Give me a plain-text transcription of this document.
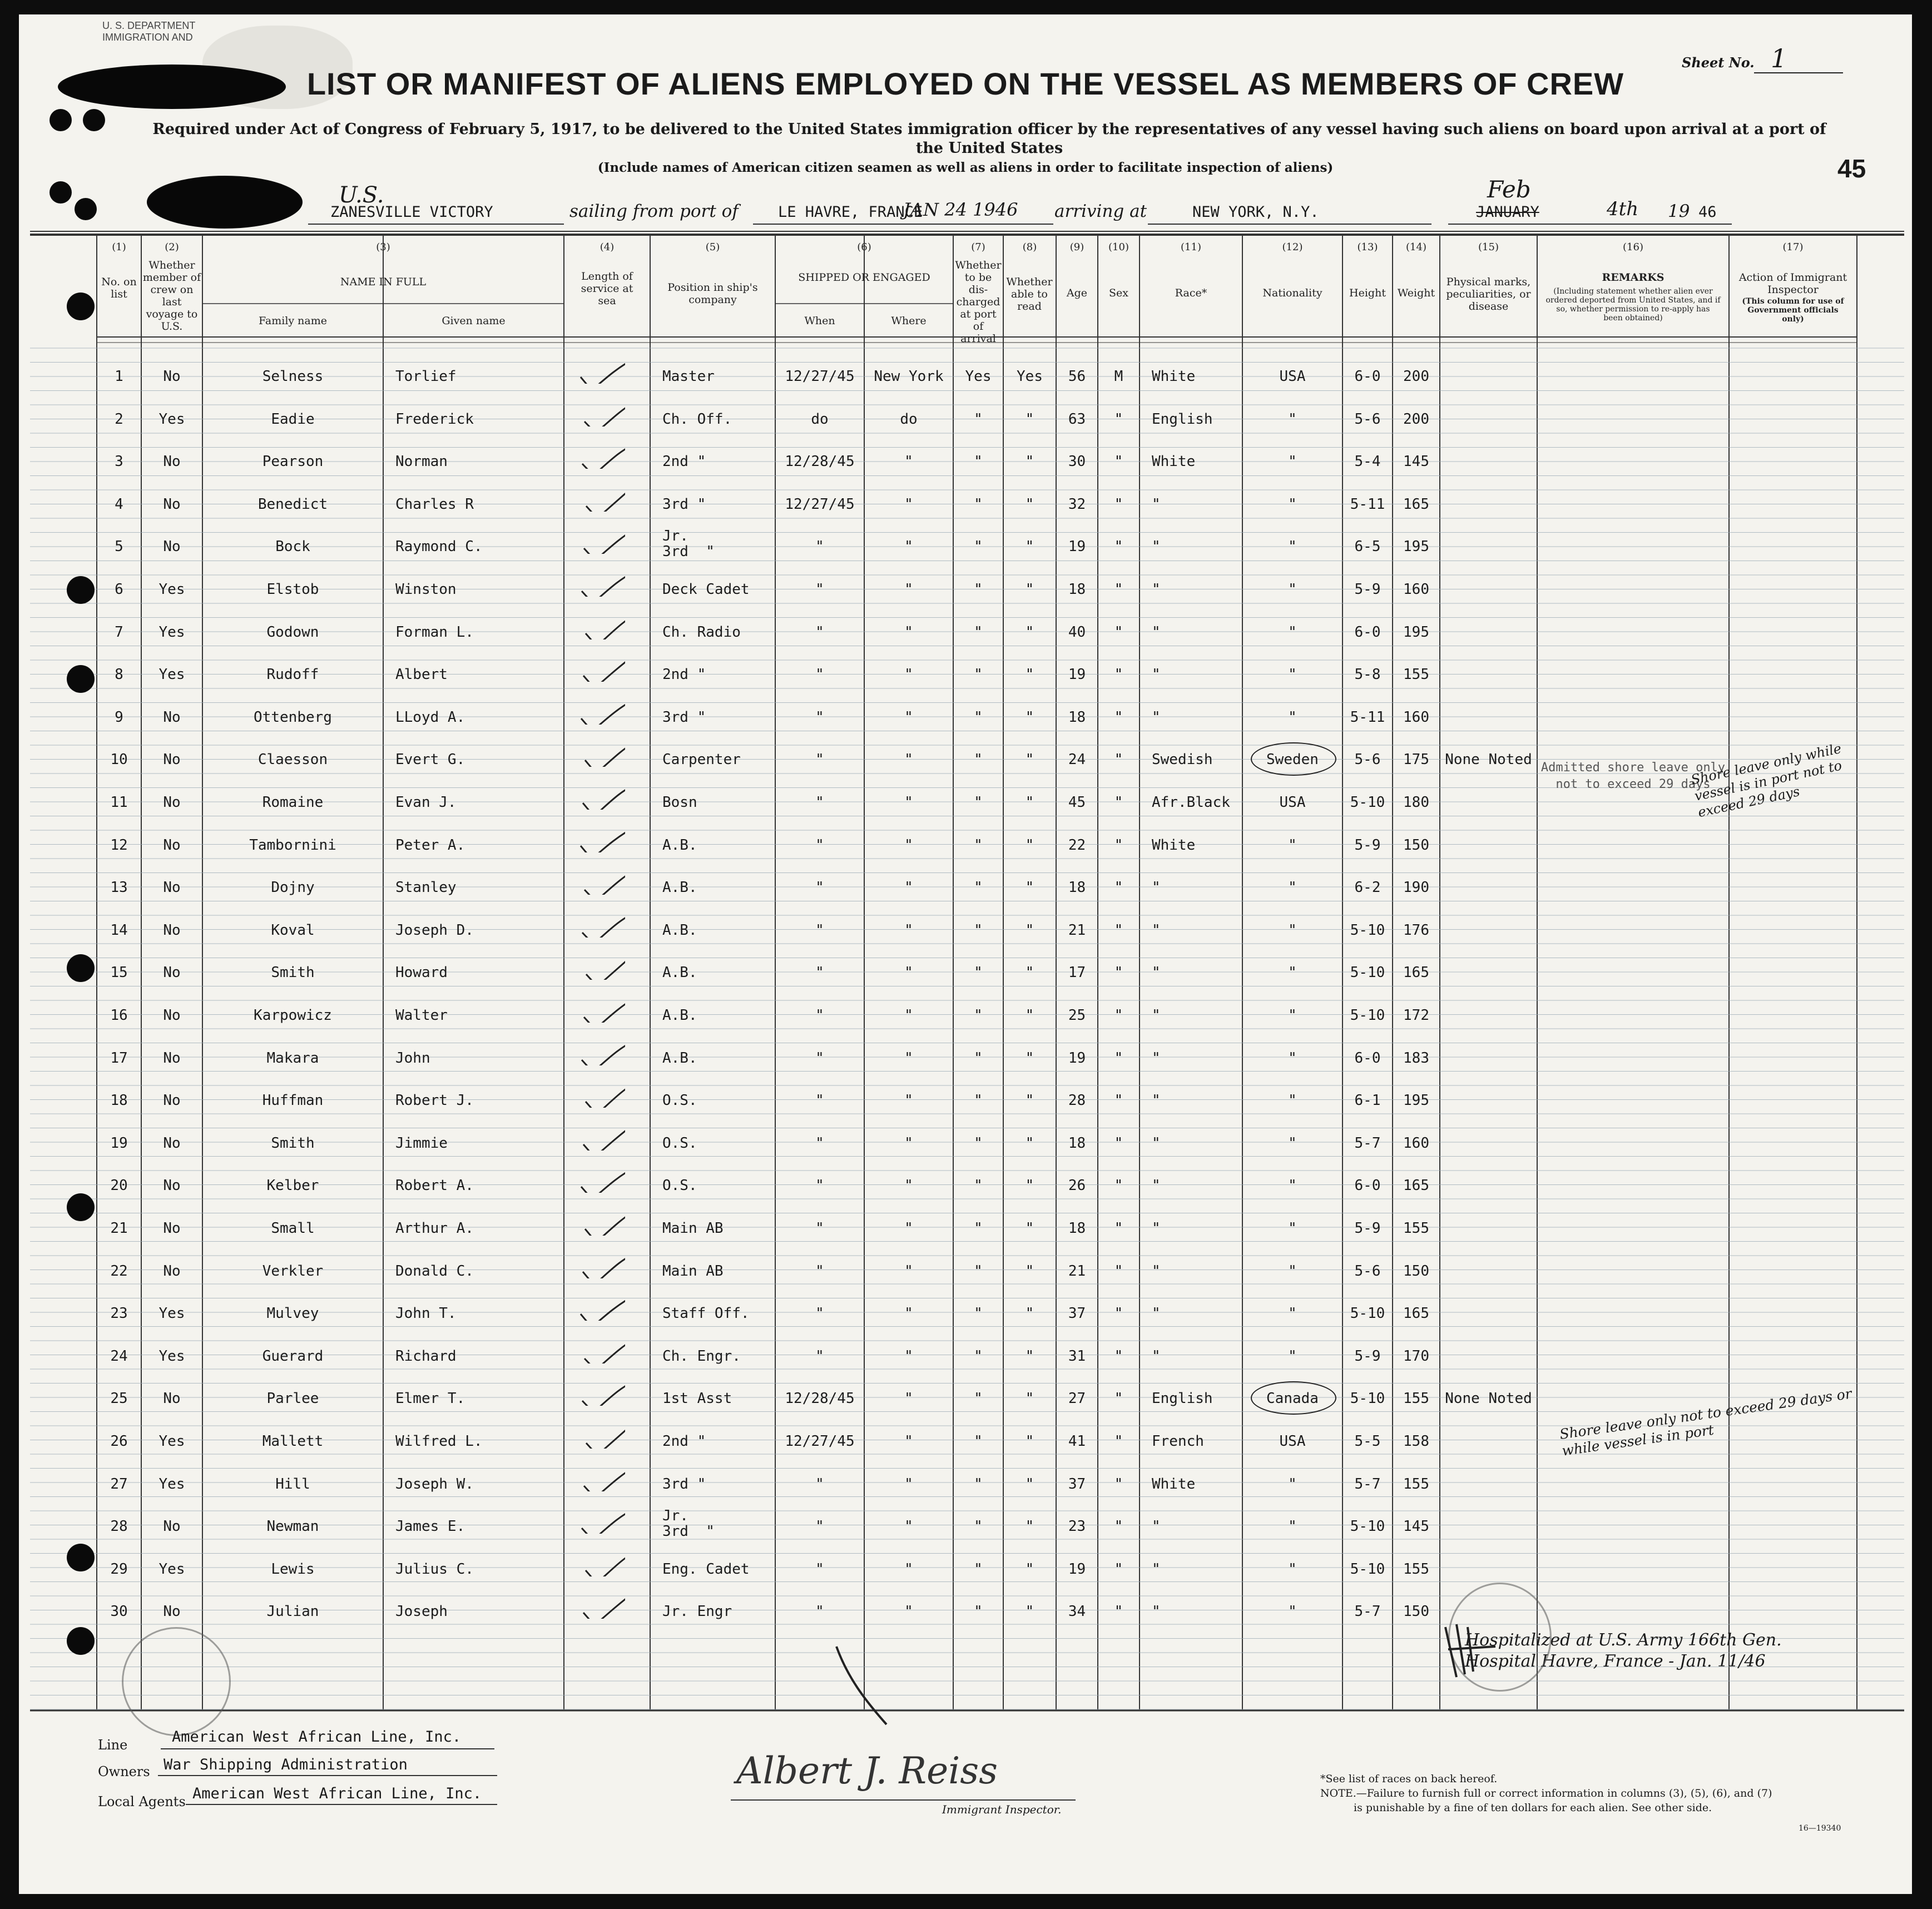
U. S. DEPARTMENT
IMMIGRATION AND
LIST OR MANIFEST OF ALIENS EMPLOYED ON THE VESSEL AS MEMBERS OF CREW
Required under Act of Congress of February 5, 1917, to be delivered to the United States immigration officer by the representatives of any vessel having such aliens on board upon arrival at a port of the United States
(Include names of American citizen seamen as well as aliens in order to facilitate inspection of aliens)
Sheet No. 1
45
U.S.
ZANESVILLE VICTORY	sailing from port of	LE HAVRE, FRANCE
JAN 24 1946 arriving at	NEW YORK, N.Y.	JANUARY
Feb
4th 19 46
(1)	(2)	(3)	(4)	(5)	(6)	(7)	(8)	(9)	(10)	(11)	(12)	(13)	(14)	(15)	(16)	(17)
No. on list
Whether member of crew on last voyage to U.S.
NAME IN FULL
Family name	Given name
Length of service at sea
Position in ship's company
SHIPPED OR ENGAGED
When	Where
Whether to be dis-charged at port of arrival
Whether able to read
Age	Sex	Race*	Nationality	Height	Weight
Physical marks, peculiarities, or disease
REMARKS
(Including statement whether alien ever ordered deported from United States, and if so, whether permission to re-apply has been obtained)
Action of Immigrant Inspector
(This column for use of Government officials only)
1	No	Selness	Torlief	Master	12/27/45	New York	Yes	Yes	56	M	White	USA	6-0	200
2	Yes	Eadie	Frederick	Ch. Off.	do	do	"	"	63	"	English	"	5-6	200
3	No	Pearson	Norman	2nd "	12/28/45	"	"	"	30	"	White	"	5-4	145
4	No	Benedict	Charles R	3rd "	12/27/45	"	"	"	32	"	"	"	5-11	165
5	No	Bock	Raymond C.
Jr.
3rd  "	"	"	"	"	19	"	"	"	6-5	195
6	Yes	Elstob	Winston	Deck Cadet	"	"	"	"	18	"	"	"	5-9	160
7	Yes	Godown	Forman L.	Ch. Radio	"	"	"	"	40	"	"	"	6-0	195
8	Yes	Rudoff	Albert	2nd "	"	"	"	"	19	"	"	"	5-8	155
9	No	Ottenberg	LLoyd A.	3rd "	"	"	"	"	18	"	"	"	5-11	160
10	No	Claesson	Evert G.	Carpenter	"	"	"	"	24	"	Swedish	Sweden	5-6	175	None Noted
11	No	Romaine	Evan J.	Bosn	"	"	"	"	45	"	Afr.Black	USA	5-10	180
12	No	Tambornini	Peter A.	A.B.	"	"	"	"	22	"	White	"	5-9	150
13	No	Dojny	Stanley	A.B.	"	"	"	"	18	"	"	"	6-2	190
14	No	Koval	Joseph D.	A.B.	"	"	"	"	21	"	"	"	5-10	176
15	No	Smith	Howard	A.B.	"	"	"	"	17	"	"	"	5-10	165
16	No	Karpowicz	Walter	A.B.	"	"	"	"	25	"	"	"	5-10	172
17	No	Makara	John	A.B.	"	"	"	"	19	"	"	"	6-0	183
18	No	Huffman	Robert J.	O.S.	"	"	"	"	28	"	"	"	6-1	195
19	No	Smith	Jimmie	O.S.	"	"	"	"	18	"	"	"	5-7	160
20	No	Kelber	Robert A.	O.S.	"	"	"	"	26	"	"	"	6-0	165
21	No	Small	Arthur A.	Main AB	"	"	"	"	18	"	"	"	5-9	155
22	No	Verkler	Donald C.	Main AB	"	"	"	"	21	"	"	"	5-6	150
23	Yes	Mulvey	John T.	Staff Off.	"	"	"	"	37	"	"	"	5-10	165
24	Yes	Guerard	Richard	Ch. Engr.	"	"	"	"	31	"	"	"	5-9	170
25	No	Parlee	Elmer T.	1st Asst	12/28/45	"	"	"	27	"	English	Canada	5-10	155	None Noted
26	Yes	Mallett	Wilfred L.	2nd "	12/27/45	"	"	"	41	"	French	USA	5-5	158
27	Yes	Hill	Joseph W.	3rd "	"	"	"	"	37	"	White	"	5-7	155
28	No	Newman	James E.
Jr.
3rd  "	"	"	"	"	23	"	"	"	5-10	145
29	Yes	Lewis	Julius C.	Eng. Cadet	"	"	"	"	19	"	"	"	5-10	155
30	No	Julian	Joseph	Jr. Engr	"	"	"	"	34	"	"	"	5-7	150
Admitted shore leave only not to exceed 29 days
Shore leave only while vessel is in port not to exceed 29 days
Shore leave only not to exceed 29 days or while vessel is in port
Hospitalized at U.S. Army 166th Gen. Hospital Havre, France - Jan. 11/46
Line	American West African Line, Inc.
Owners War Shipping Administration
Local Agents American West African Line, Inc.
Albert J. Reiss
Immigrant Inspector.
*See list of races on back hereof.
NOTE.—Failure to furnish full or correct information in columns (3), (5), (6), and (7)
is punishable by a fine of ten dollars for each alien. See other side.
16—19340
